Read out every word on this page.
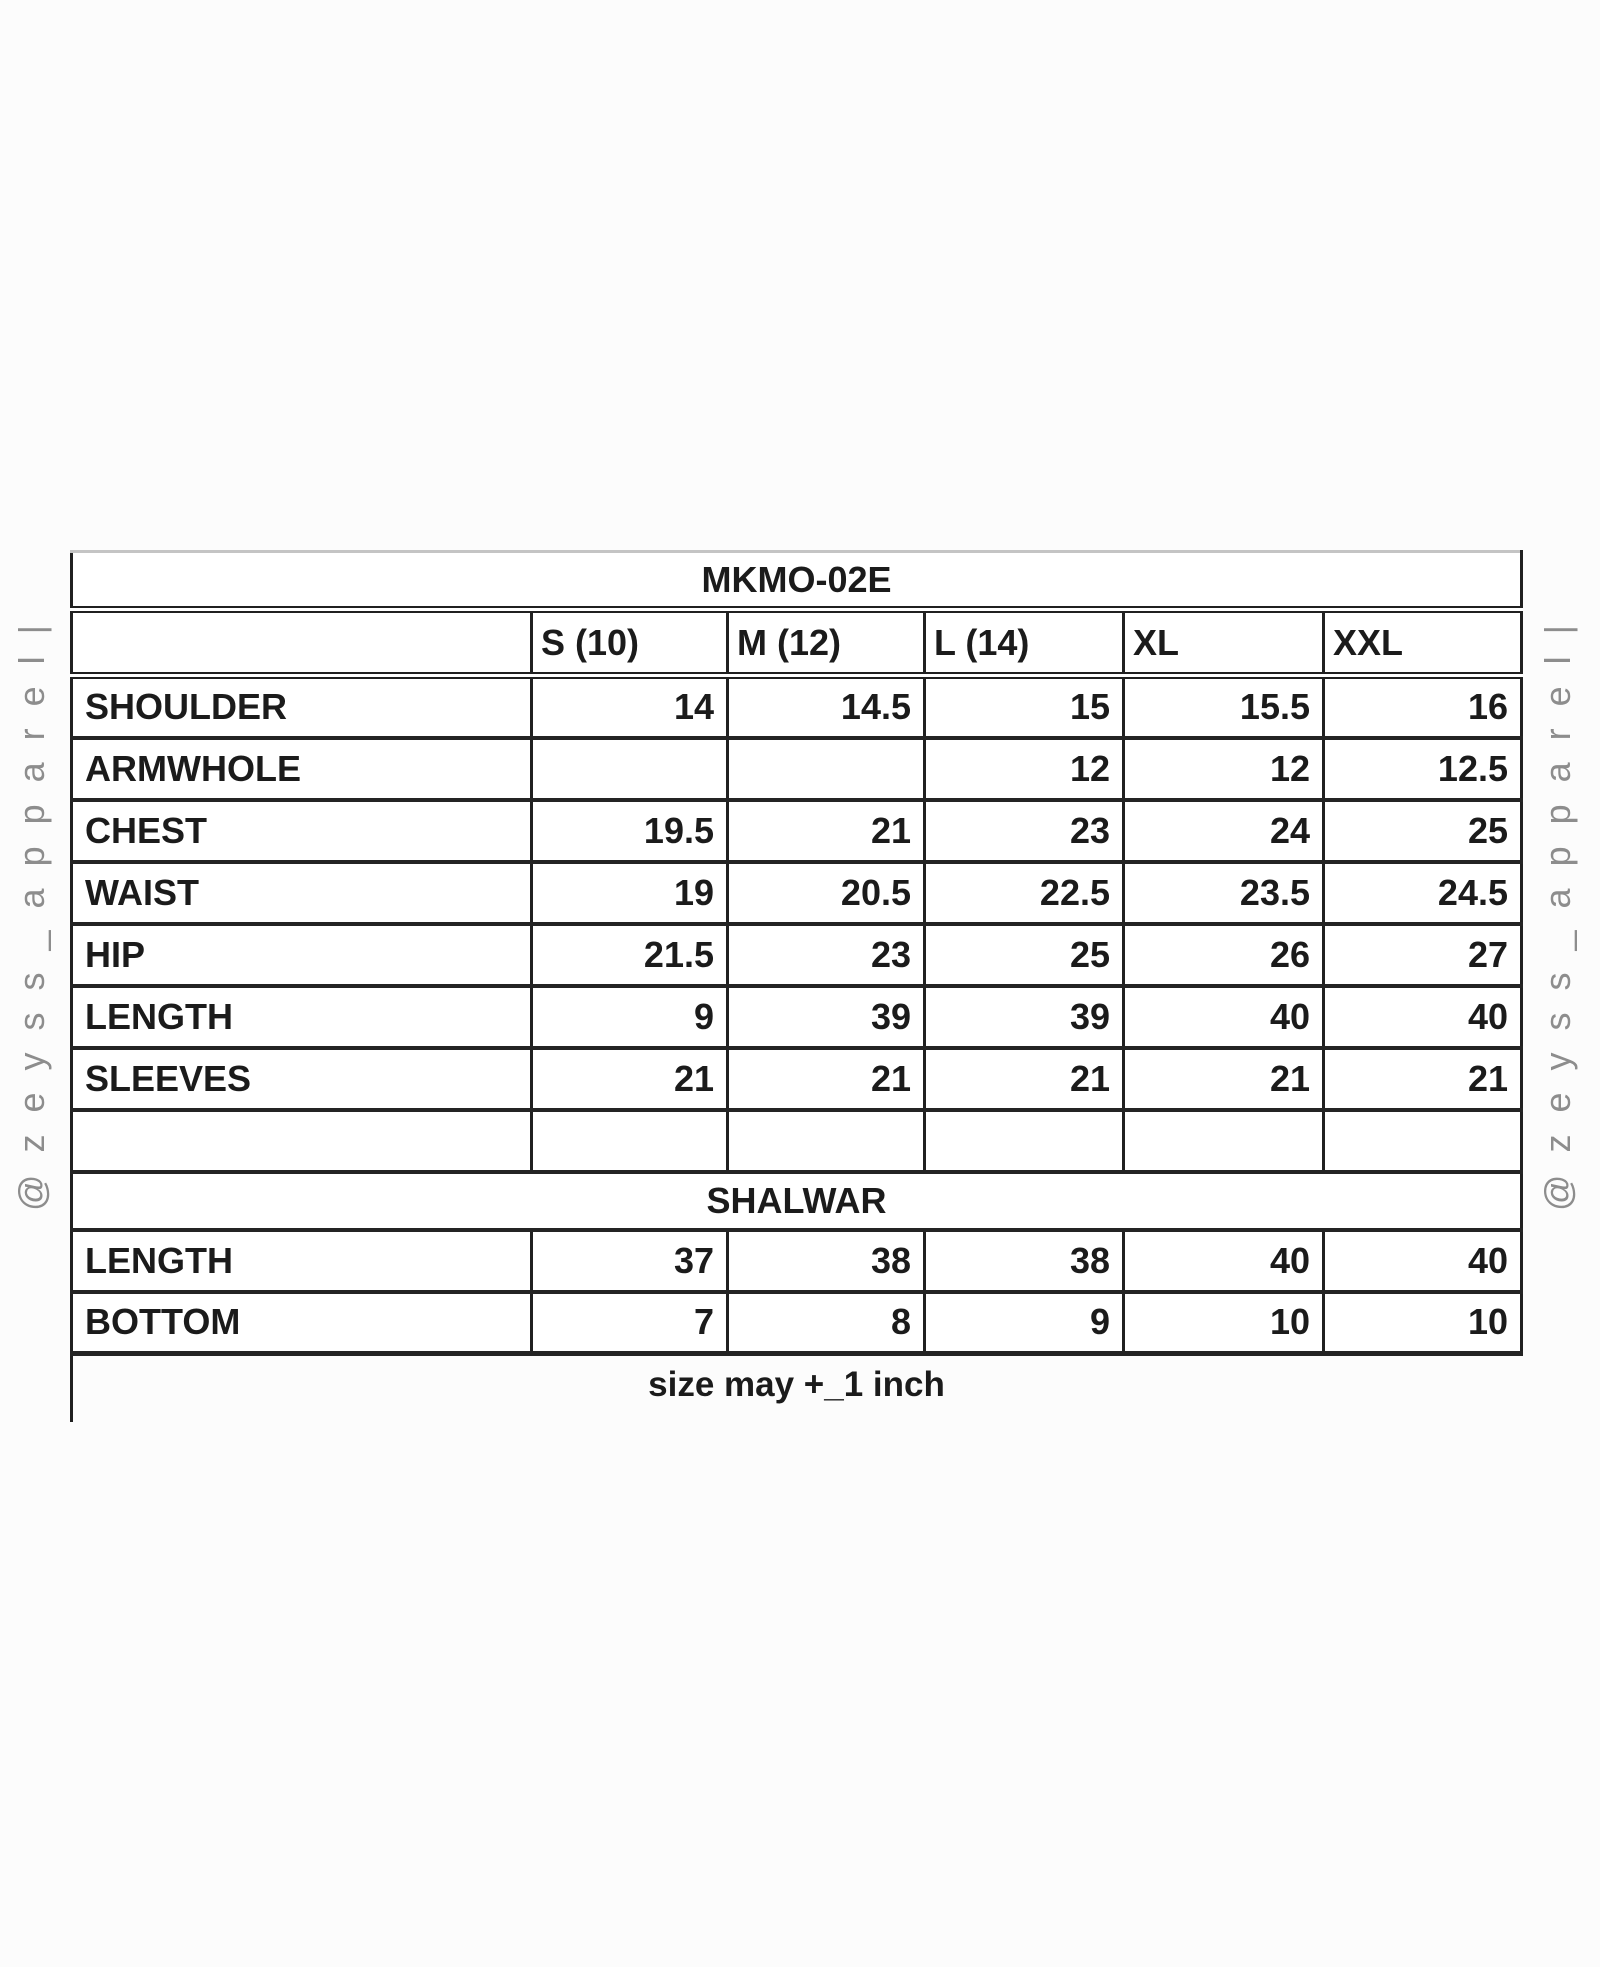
@zeyss_apparel|	@zeyss_apparel|
MKMO-02E					
	S (10)	M (12)	L (14)	XL	XXL
SHOULDER	14	14.5	15	15.5	16
ARMWHOLE			12	12	12.5
CHEST	19.5	21	23	24	25
WAIST	19	20.5	22.5	23.5	24.5
HIP	21.5	23	25	26	27
LENGTH	9	39	39	40	40
SLEEVES	21	21	21	21	21

SHALWAR					
LENGTH	37	38	38	40	40
BOTTOM	7	8	9	10	10
size may +_1 inch
